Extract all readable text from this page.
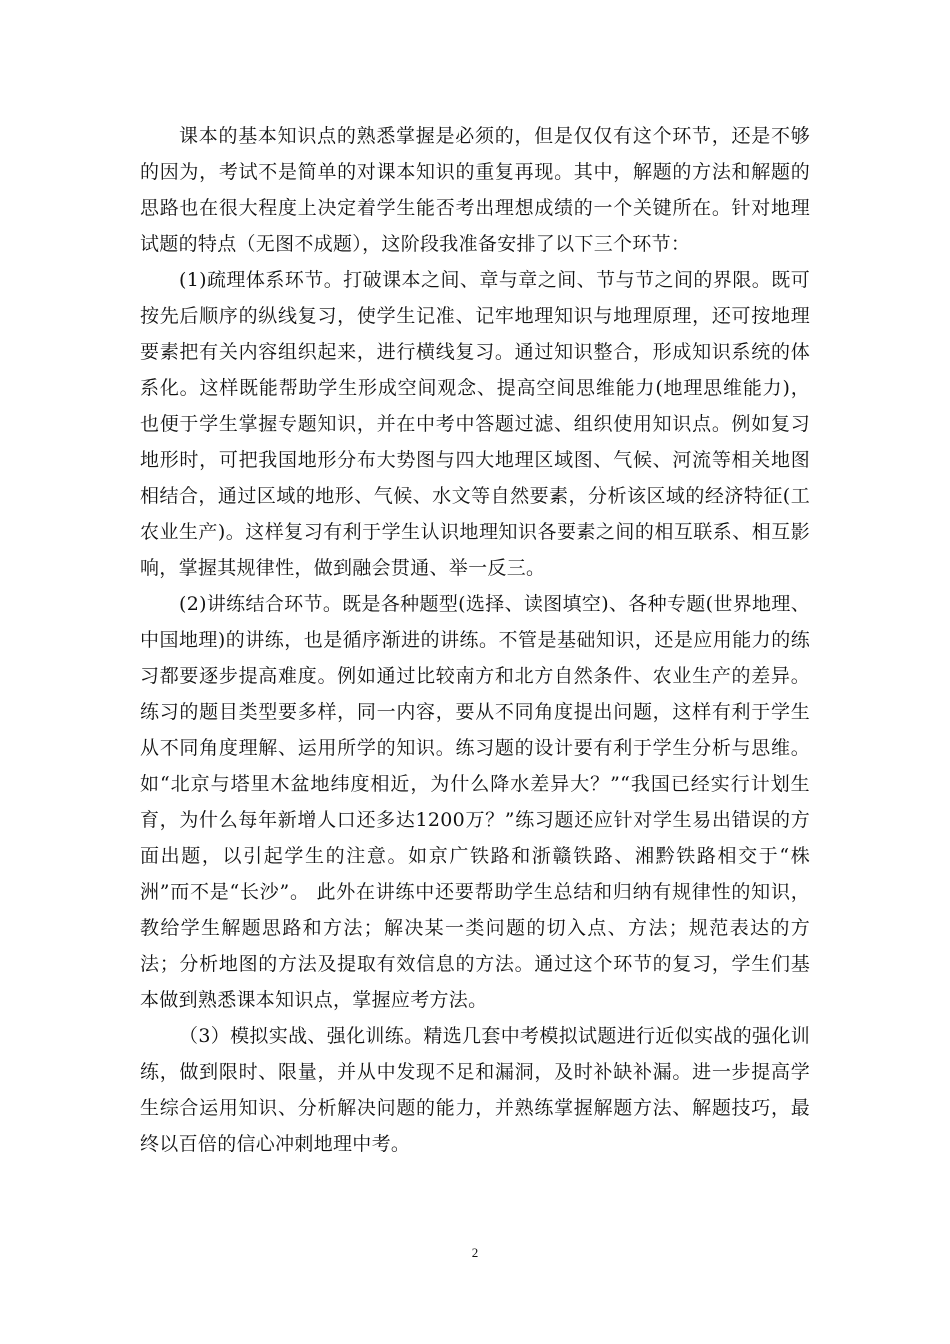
课本的基本知识点的熟悉掌握是必须的，但是仅仅有这个环节，还是不够的因为，考试不是简单的对课本知识的重复再现。其中，解题的方法和解题的思路也在很大程度上决定着学生能否考出理想成绩的一个关键所在。针对地理试题的特点（无图不成题），这阶段我准备安排了以下三个环节：

(1)疏理体系环节。打破课本之间、章与章之间、节与节之间的界限。既可按先后顺序的纵线复习，使学生记准、记牢地理知识与地理原理，还可按地理要素把有关内容组织起来，进行横线复习。通过知识整合，形成知识系统的体系化。这样既能帮助学生形成空间观念、提高空间思维能力(地理思维能力)，也便于学生掌握专题知识，并在中考中答题过滤、组织使用知识点。例如复习地形时，可把我国地形分布大势图与四大地理区域图、气候、河流等相关地图相结合，通过区域的地形、气候、水文等自然要素，分析该区域的经济特征(工农业生产)。这样复习有利于学生认识地理知识各要素之间的相互联系、相互影响，掌握其规律性，做到融会贯通、举一反三。

(2)讲练结合环节。既是各种题型(选择、读图填空)、各种专题(世界地理、中国地理)的讲练，也是循序渐进的讲练。不管是基础知识，还是应用能力的练习都要逐步提高难度。例如通过比较南方和北方自然条件、农业生产的差异。练习的题目类型要多样，同一内容，要从不同角度提出问题，这样有利于学生从不同角度理解、运用所学的知识。练习题的设计要有利于学生分析与思维。如“北京与塔里木盆地纬度相近，为什么降水差异大？”“我国已经实行计划生育，为什么每年新增人口还多达1200万？”练习题还应针对学生易出错误的方面出题，以引起学生的注意。如京广铁路和浙赣铁路、湘黔铁路相交于“株洲”而不是“长沙”。 此外在讲练中还要帮助学生总结和归纳有规律性的知识，教给学生解题思路和方法；解决某一类问题的切入点、方法；规范表达的方法；分析地图的方法及提取有效信息的方法。通过这个环节的复习，学生们基本做到熟悉课本知识点，掌握应考方法。

（3）模拟实战、强化训练。精选几套中考模拟试题进行近似实战的强化训练，做到限时、限量，并从中发现不足和漏洞，及时补缺补漏。进一步提高学生综合运用知识、分析解决问题的能力，并熟练掌握解题方法、解题技巧，最终以百倍的信心冲刺地理中考。

2
